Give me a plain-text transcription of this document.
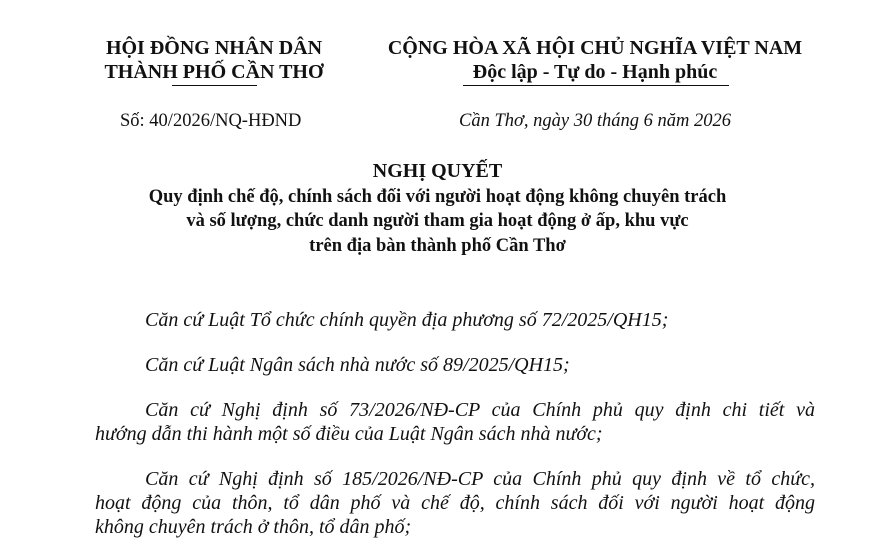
HỘI ĐỒNG NHÂN DÂN
THÀNH PHỐ CẦN THƠ
CỘNG HÒA XÃ HỘI CHỦ NGHĨA VIỆT NAM
Độc lập - Tự do - Hạnh phúc
Số: 40/2026/NQ-HĐND	Cần Thơ, ngày 30 tháng 6 năm 2026
NGHỊ QUYẾT
Quy định chế độ, chính sách đối với người hoạt động không chuyên trách
và số lượng, chức danh người tham gia hoạt động ở ấp, khu vực
trên địa bàn thành phố Cần Thơ
Căn cứ Luật Tổ chức chính quyền địa phương số 72/2025/QH15;
Căn cứ Luật Ngân sách nhà nước số 89/2025/QH15;
Căn cứ Nghị định số 73/2026/NĐ-CP của Chính phủ quy định chi tiết và
hướng dẫn thi hành một số điều của Luật Ngân sách nhà nước;
Căn cứ Nghị định số 185/2026/NĐ-CP của Chính phủ quy định về tổ chức,
hoạt động của thôn, tổ dân phố và chế độ, chính sách đối với người hoạt động
không chuyên trách ở thôn, tổ dân phố;
